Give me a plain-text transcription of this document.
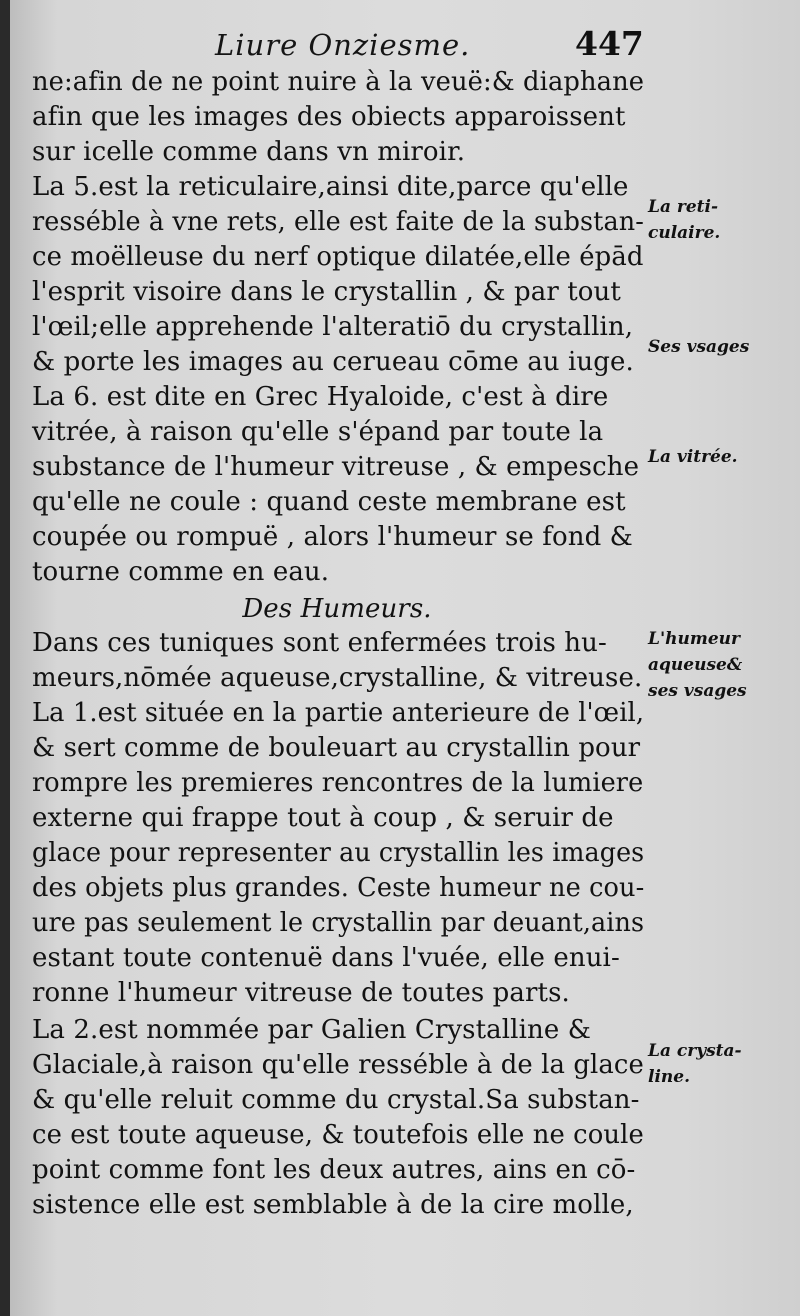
Liure Onziesme.	447
ne:afin de ne point nuire à la veuë:& diaphane
afin que les images des obiects apparoissent
sur icelle comme dans vn miroir.
La 5.est la reticulaire,ainsi dite,parce qu'elle
resséble à vne rets, elle est faite de la substan-
ce moëlleuse du nerf optique dilatée,elle épād
l'esprit visoire dans le crystallin , & par tout
l'œil;elle apprehende l'alteratiō du crystallin,
& porte les images au cerueau cōme au iuge.
La 6. est dite en Grec Hyaloide, c'est à dire
vitrée, à raison qu'elle s'épand par toute la
substance de l'humeur vitreuse , & empesche
qu'elle ne coule : quand ceste membrane est
coupée ou rompuë , alors l'humeur se fond &
tourne comme en eau.
Des Humeurs.
Dans ces tuniques sont enfermées trois hu-
meurs,nōmée aqueuse,crystalline, & vitreuse.
La 1.est située en la partie anterieure de l'œil,
& sert comme de bouleuart au crystallin pour
rompre les premieres rencontres de la lumiere
externe qui frappe tout à coup , & seruir de
glace pour representer au crystallin les images
des objets plus grandes. Ceste humeur ne cou-
ure pas seulement le crystallin par deuant,ains
estant toute contenuë dans l'vuée, elle enui-
ronne l'humeur vitreuse de toutes parts.
La 2.est nommée par Galien Crystalline &
Glaciale,à raison qu'elle resséble à de la glace
& qu'elle reluit comme du crystal.Sa substan-
ce est toute aqueuse, & toutefois elle ne coule
point comme font les deux autres, ains en cō-
sistence elle est semblable à de la cire molle,
La reti-
culaire.
Ses vsages
La vitrée.
L'humeur
aqueuse&
ses vsages
La crysta-
line.
